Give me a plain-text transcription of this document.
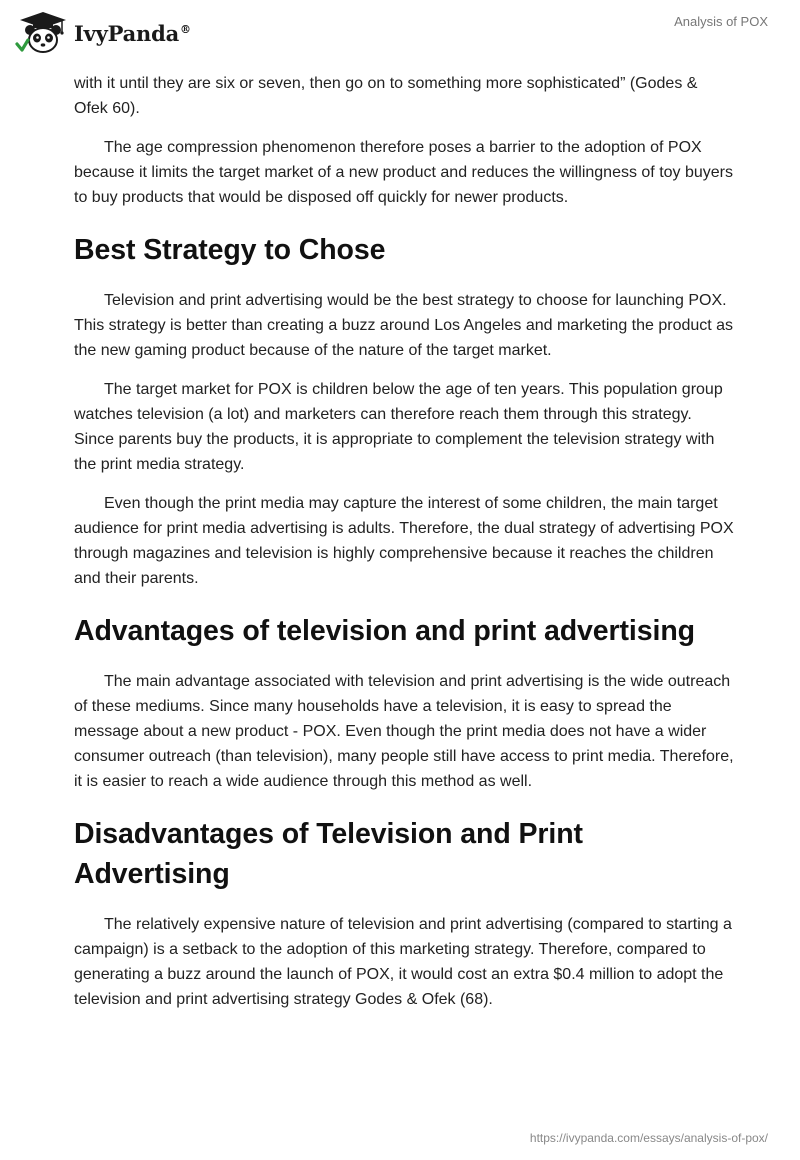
IvyPanda®	Analysis of POX

with it until they are six or seven, then go on to something more sophisticated” (Godes & Ofek 60).

The age compression phenomenon therefore poses a barrier to the adoption of POX because it limits the target market of a new product and reduces the willingness of toy buyers to buy products that would be disposed off quickly for newer products.

Best Strategy to Chose

Television and print advertising would be the best strategy to choose for launching POX. This strategy is better than creating a buzz around Los Angeles and marketing the product as the new gaming product because of the nature of the target market.

The target market for POX is children below the age of ten years. This population group watches television (a lot) and marketers can therefore reach them through this strategy. Since parents buy the products, it is appropriate to complement the television strategy with the print media strategy.

Even though the print media may capture the interest of some children, the main target audience for print media advertising is adults. Therefore, the dual strategy of advertising POX through magazines and television is highly comprehensive because it reaches the children and their parents.

Advantages of television and print advertising

The main advantage associated with television and print advertising is the wide outreach of these mediums. Since many households have a television, it is easy to spread the message about a new product - POX. Even though the print media does not have a wider consumer outreach (than television), many people still have access to print media. Therefore, it is easier to reach a wide audience through this method as well.

Disadvantages of Television and Print Advertising

The relatively expensive nature of television and print advertising (compared to starting a campaign) is a setback to the adoption of this marketing strategy. Therefore, compared to generating a buzz around the launch of POX, it would cost an extra $0.4 million to adopt the television and print advertising strategy Godes & Ofek (68).

https://ivypanda.com/essays/analysis-of-pox/
